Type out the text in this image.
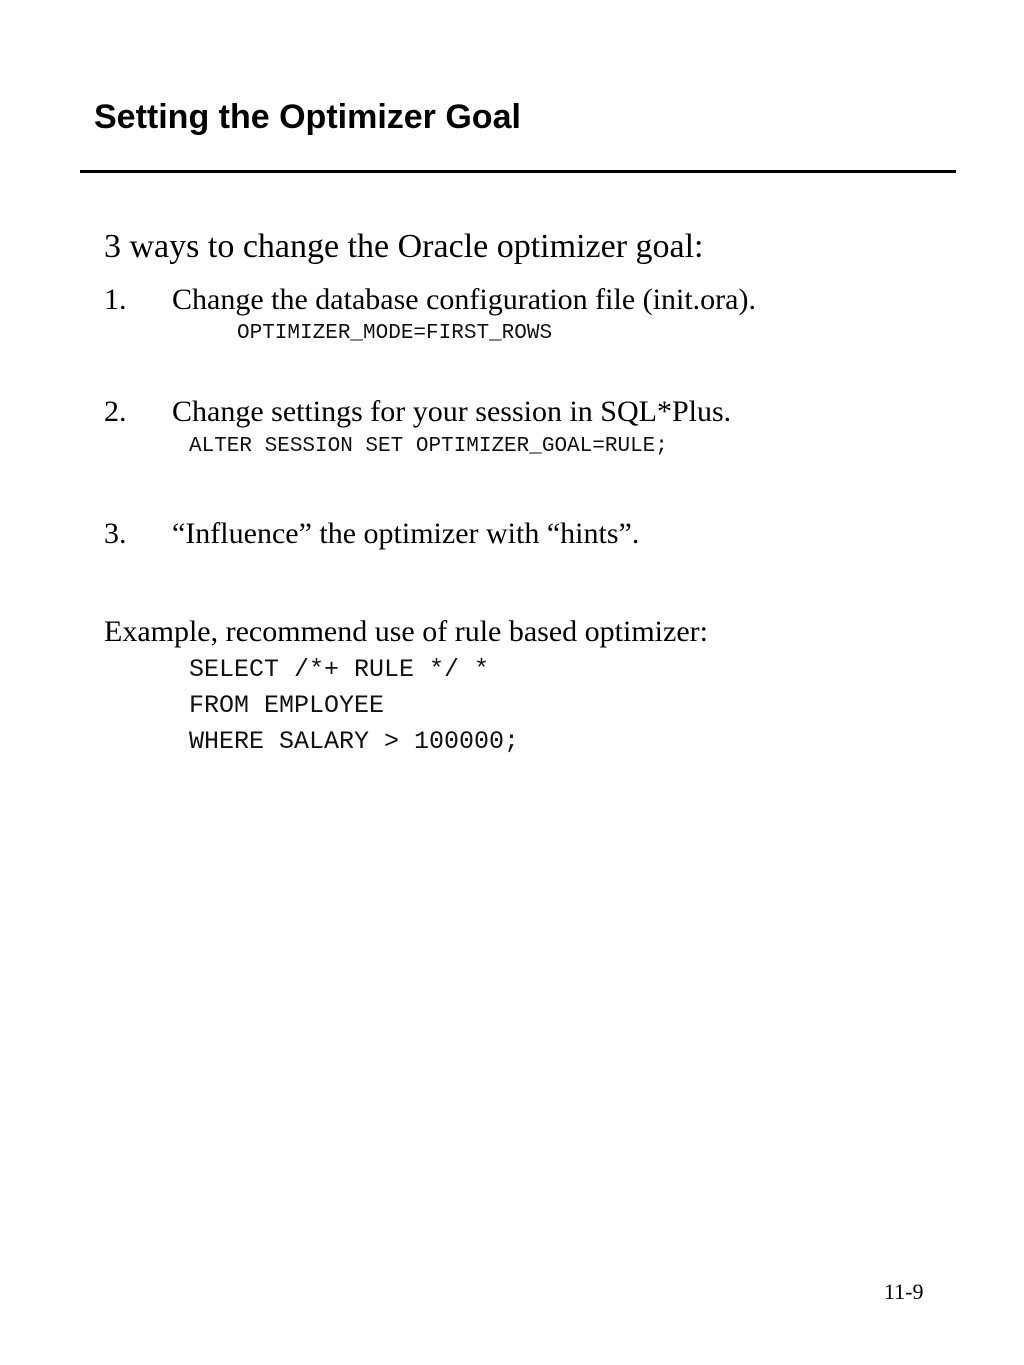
Setting the Optimizer Goal
3 ways to change the Oracle optimizer goal:
1. Change the database configuration file (init.ora).
OPTIMIZER_MODE=FIRST_ROWS
2. Change settings for your session in SQL*Plus.
ALTER SESSION SET OPTIMIZER_GOAL=RULE;
3. “Influence” the optimizer with “hints”.
Example, recommend use of rule based optimizer:
SELECT /*+ RULE */ *
FROM EMPLOYEE
WHERE SALARY > 100000;
11-9
